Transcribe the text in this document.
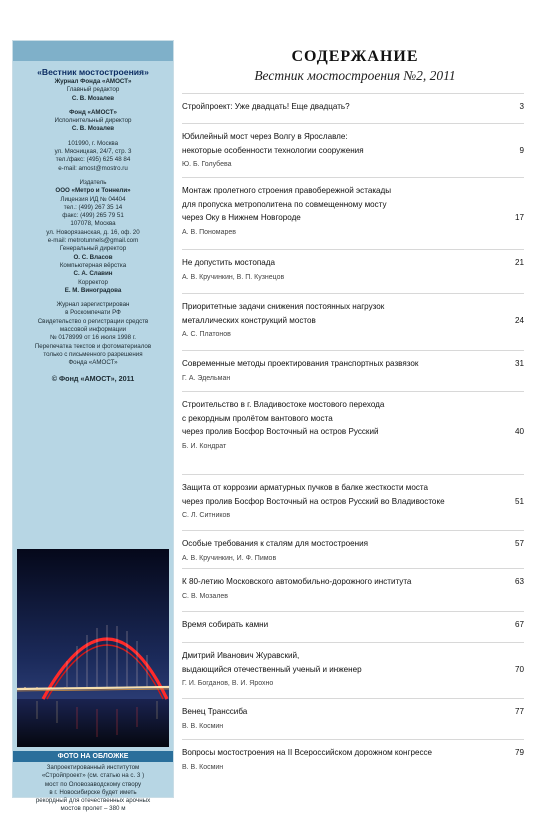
«Вестник мостостроения»
Журнал Фонда «АМОСТ»
Главный редактор
С. В. Мозалев
Фонд «АМОСТ»
Исполнительный директор
С. В. Мозалев
101990, г. Москва
ул. Мясницкая, 24/7, стр. 3
тел./факс: (495) 625 48 84
e-mail: amost@mostro.ru
Издатель
ООО «Метро и Тоннели»
Лицензия ИД № 04404
тел.: (499) 267 35 14
факс: (499) 265 79 51
107078, Москва
ул. Новорязанская, д. 16, оф. 20
e-mail: metrotunnels@gmail.com
Генеральный директор
О. С. Власов
Компьютерная вёрстка
С. А. Славин
Корректор
Е. М. Виноградова
Журнал зарегистрирован
в Роскомпечати РФ
Свидетельство о регистрации средств
массовой информации
№ 0178999 от 16 июля 1998 г.
Перепечатка текстов и фотоматериалов
только с письменного разрешения
Фонда «АМОСТ»
© Фонд «АМОСТ», 2011
ФОТО НА ОБЛОЖКЕ
Запроектированный институтом
«Стройпроект» (см. статью на с. 3 )
мост по Оловозаводскому створу
в г. Новосибирске будет иметь
рекордный для отечественных арочных
мостов пролет – 380 м
СОДЕРЖАНИЕ
Вестник мостостроения №2, 2011
Стройпроект: Уже двадцать! Еще двадцать?	3
Юбилейный мост через Волгу в Ярославле:
некоторые особенности технологии сооружения
Ю. Б. Голубева
9
Монтаж пролетного строения правобережной эстакады
для пропуска метрополитена по совмещенному мосту
через Оку в Нижнем Новгороде
А. В. Пономарев
17
Не допустить мостопада
А. В. Кручинкин, В. П. Кузнецов
21
Приоритетные задачи снижения постоянных нагрузок
металлических конструкций мостов
А. С. Платонов
24
Современные методы проектирования транспортных развязок
Г. А. Эдельман
31
Строительство в г. Владивостоке мостового перехода
с рекордным пролётом вантового моста
через пролив Босфор Восточный на остров Русский
Б. И. Кондрат
40
Защита от коррозии арматурных пучков в балке жесткости моста
через пролив Босфор Восточный на остров Русский во Владивостоке
С. Л. Ситников
51
Особые требования к сталям для мостостроения
А. В. Кручинкин, И. Ф. Пимов
57
К 80-летию Московского автомобильно-дорожного института
С. В. Мозалев
63
Время собирать камни	67
Дмитрий Иванович Журавский,
выдающийся отечественный ученый и инженер
Г. И. Богданов, В. И. Ярохно
70
Венец Транссиба
В. В. Космин
77
Вопросы мостостроения на II Всероссийском дорожном конгрессе
В. В. Космин
79
